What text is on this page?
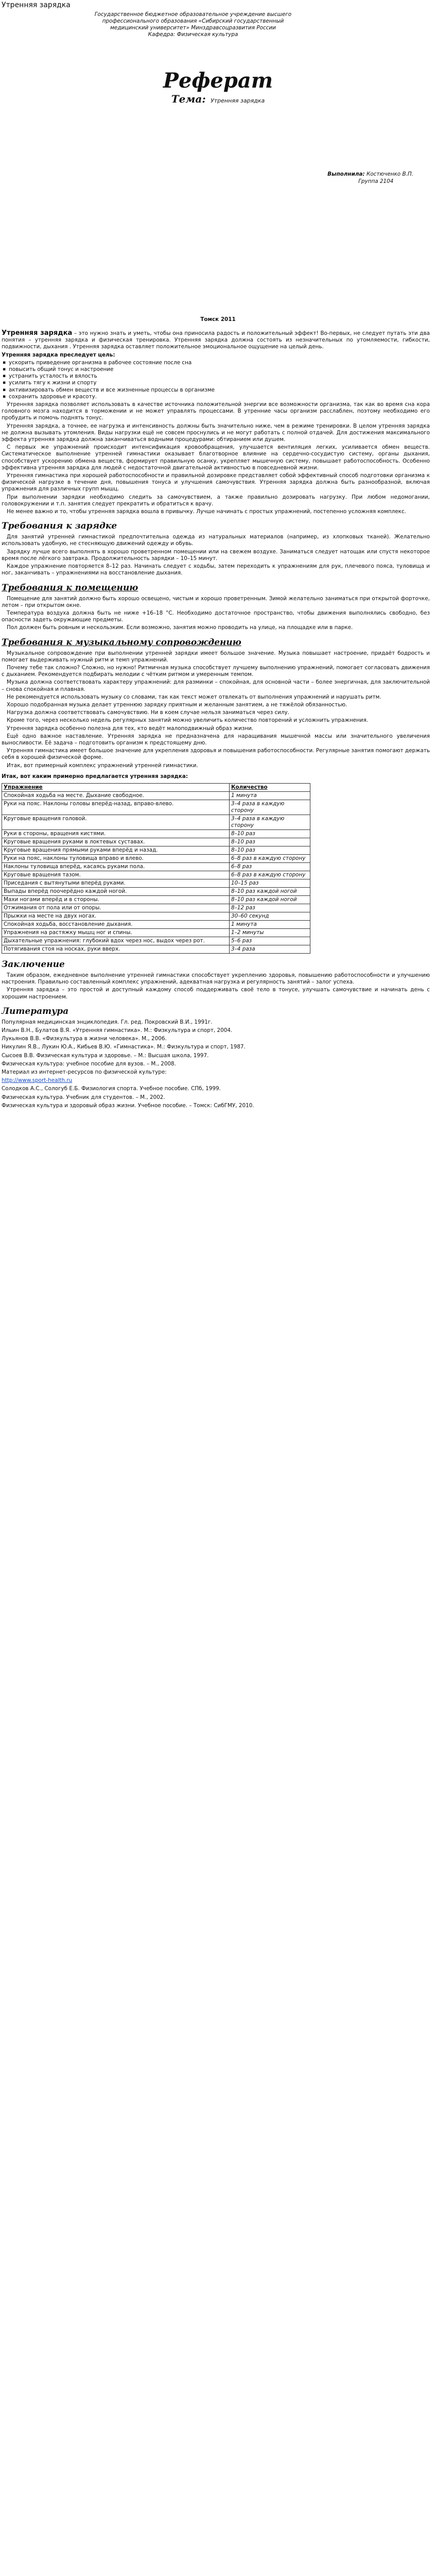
Утренняя зарядка
Государственное бюджетное образовательное учреждение высшего
профессионального образования «Сибирский государственный
медицинский университет» Минздравсоцразвития России
Кафедра: Физическая культура
Реферат
Тема: Утренняя зарядка
Выполнила: Костюченко В.П.
Группа 2104
Томск 2011

Утренняя зарядка – это нужно знать и уметь, чтобы она приносила радость и положительный эффект! Во-первых, не следует путать эти два понятия – утренняя зарядка и физическая тренировка. Утренняя зарядка должна состоять из незначительных по утомляемости, гибкости, подвижности, дыхания . Утренняя зарядка оставляет положительное эмоциональное ощущение на целый день.

Утренняя зарядка преследует цель:

▪ ускорить приведение организма в рабочее состояние после сна
▪ повысить общий тонус и настроение
▪ устранить усталость и вялость
▪ усилить тягу к жизни и спорту
▪ активизировать обмен веществ и все жизненные процессы в организме
▪ сохранить здоровье и красоту.

Утренняя зарядка позволяет использовать в качестве источника положительной энергии все возможности организма, так как во время сна кора головного мозга находится в торможении и не может управлять процессами. В утренние часы организм расслаблен, поэтому необходимо его пробудить и помочь поднять тонус.

Утренняя зарядка, а точнее, ее нагрузка и интенсивность должны быть значительно ниже, чем в режиме тренировки. В целом утренняя зарядка не должна вызывать утомления. Виды нагрузки ещё не совсем проснулись и не могут работать с полной отдачей. Для достижения максимального эффекта утренняя зарядка должна заканчиваться водными процедурами: обтиранием или душем.

С первых же упражнений происходит интенсификация кровообращения, улучшается вентиляция легких, усиливается обмен веществ. Систематическое выполнение утренней гимнастики оказывает благотворное влияние на сердечно-сосудистую систему, органы дыхания, способствует ускорению обмена веществ, формирует правильную осанку, укрепляет мышечную систему, повышает работоспособность. Особенно эффективна утренняя зарядка для людей с недостаточной двигательной активностью в повседневной жизни.

Утренняя гимнастика при хорошей работоспособности и правильной дозировке представляет собой эффективный способ подготовки организма к физической нагрузке в течение дня, повышения тонуса и улучшения самочувствия. Утренняя зарядка должна быть разнообразной, включая упражнения для различных групп мышц.

При выполнении зарядки необходимо следить за самочувствием, а также правильно дозировать нагрузку. При любом недомогании, головокружении и т.п. занятия следует прекратить и обратиться к врачу.

Не менее важно и то, чтобы утренняя зарядка вошла в привычку. Лучше начинать с простых упражнений, постепенно усложняя комплекс.

Требования к зарядке

Для занятий утренней гимнастикой предпочтительна одежда из натуральных материалов (например, из хлопковых тканей). Желательно использовать удобную, не стесняющую движений одежду и обувь.

Зарядку лучше всего выполнять в хорошо проветренном помещении или на свежем воздухе. Заниматься следует натощак или спустя некоторое время после лёгкого завтрака. Продолжительность зарядки – 10–15 минут.

Каждое упражнение повторяется 8–12 раз. Начинать следует с ходьбы, затем переходить к упражнениям для рук, плечевого пояса, туловища и ног, заканчивать – упражнениями на восстановление дыхания.

Требования к помещению

Помещение для занятий должно быть хорошо освещено, чистым и хорошо проветренным. Зимой желательно заниматься при открытой форточке, летом – при открытом окне.

Температура воздуха должна быть не ниже +16–18 °С. Необходимо достаточное пространство, чтобы движения выполнялись свободно, без опасности задеть окружающие предметы.

Пол должен быть ровным и нескользким. Если возможно, занятия можно проводить на улице, на площадке или в парке.

Требования к музыкальному сопровождению

Музыкальное сопровождение при выполнении утренней зарядки имеет большое значение. Музыка повышает настроение, придаёт бодрость и помогает выдерживать нужный ритм и темп упражнений.

Почему тебе так сложно? Сложно, но нужно! Ритмичная музыка способствует лучшему выполнению упражнений, помогает согласовать движения с дыханием. Рекомендуется подбирать мелодии с чётким ритмом и умеренным темпом.

Музыка должна соответствовать характеру упражнений: для разминки – спокойная, для основной части – более энергичная, для заключительной – снова спокойная и плавная.

Не рекомендуется использовать музыку со словами, так как текст может отвлекать от выполнения упражнений и нарушать ритм.

Хорошо подобранная музыка делает утреннюю зарядку приятным и желанным занятием, а не тяжёлой обязанностью.

Нагрузка должна соответствовать самочувствию. Ни в коем случае нельзя заниматься через силу.

Кроме того, через несколько недель регулярных занятий можно увеличить количество повторений и усложнить упражнения.

Утренняя зарядка особенно полезна для тех, кто ведёт малоподвижный образ жизни.

Ещё одно важное наставление. Утренняя зарядка не предназначена для наращивания мышечной массы или значительного увеличения выносливости. Её задача – подготовить организм к предстоящему дню.

Утренняя гимнастика имеет большое значение для укрепления здоровья и повышения работоспособности. Регулярные занятия помогают держать себя в хорошей физической форме.

Итак, вот примерный комплекс упражнений утренней гимнастики.

Итак, вот каким примерно предлагается утренняя зарядка:
Упражнение	Количество
Спокойная ходьба на месте. Дыхание свободное.	1 минута
Руки на пояс. Наклоны головы вперёд-назад, вправо-влево.	3–4 раза в каждую сторону
Круговые вращения головой.	3–4 раза в каждую сторону
Руки в стороны, вращения кистями.	8–10 раз
Круговые вращения руками в локтевых суставах.	8–10 раз
Круговые вращения прямыми руками вперёд и назад.	8–10 раз
Руки на пояс, наклоны туловища вправо и влево.	6–8 раз в каждую сторону
Наклоны туловища вперёд, касаясь руками пола.	6–8 раз
Круговые вращения тазом.	6–8 раз в каждую сторону
Приседания с вытянутыми вперёд руками.	10–15 раз
Выпады вперёд поочерёдно каждой ногой.	8–10 раз каждой ногой
Махи ногами вперёд и в стороны.	8–10 раз каждой ногой
Отжимания от пола или от опоры.	8–12 раз
Прыжки на месте на двух ногах.	30–60 секунд
Спокойная ходьба, восстановление дыхания.	1 минута
Упражнения на растяжку мышц ног и спины.	1–2 минуты
Дыхательные упражнения: глубокий вдох через нос, выдох через рот.	5–6 раз
Потягивания стоя на носках, руки вверх.	3–4 раза
Заключение

Таким образом, ежедневное выполнение утренней гимнастики способствует укреплению здоровья, повышению работоспособности и улучшению настроения. Правильно составленный комплекс упражнений, адекватная нагрузка и регулярность занятий – залог успеха.

Утренняя зарядка – это простой и доступный каждому способ поддерживать своё тело в тонусе, улучшать самочувствие и начинать день с хорошим настроением.

Литература

Популярная медицинская энциклопедия. Гл. ред. Покровский В.И., 1991г.

Ильин В.Н., Булатов В.Я. «Утренняя гимнастика». М.: Физкультура и спорт, 2004.

Лукьянов В.В. «Физкультура в жизни человека». М., 2006.

Никулин Я.В., Лукин Ю.А., Кибьев В.Ю. «Гимнастика». М.: Физкультура и спорт, 1987.

Сысоев В.В. Физическая культура и здоровье. – М.: Высшая школа, 1997.

Физическая культура: учебное пособие для вузов. – М., 2008.

Материал из интернет-ресурсов по физической культуре:

http://www.sport-health.ru

Солодков А.С., Сологуб Е.Б. Физиология спорта. Учебное пособие. СПб, 1999.

Физическая культура. Учебник для студентов. – М., 2002.

Физическая культура и здоровый образ жизни. Учебное пособие. – Томск: СибГМУ, 2010.
